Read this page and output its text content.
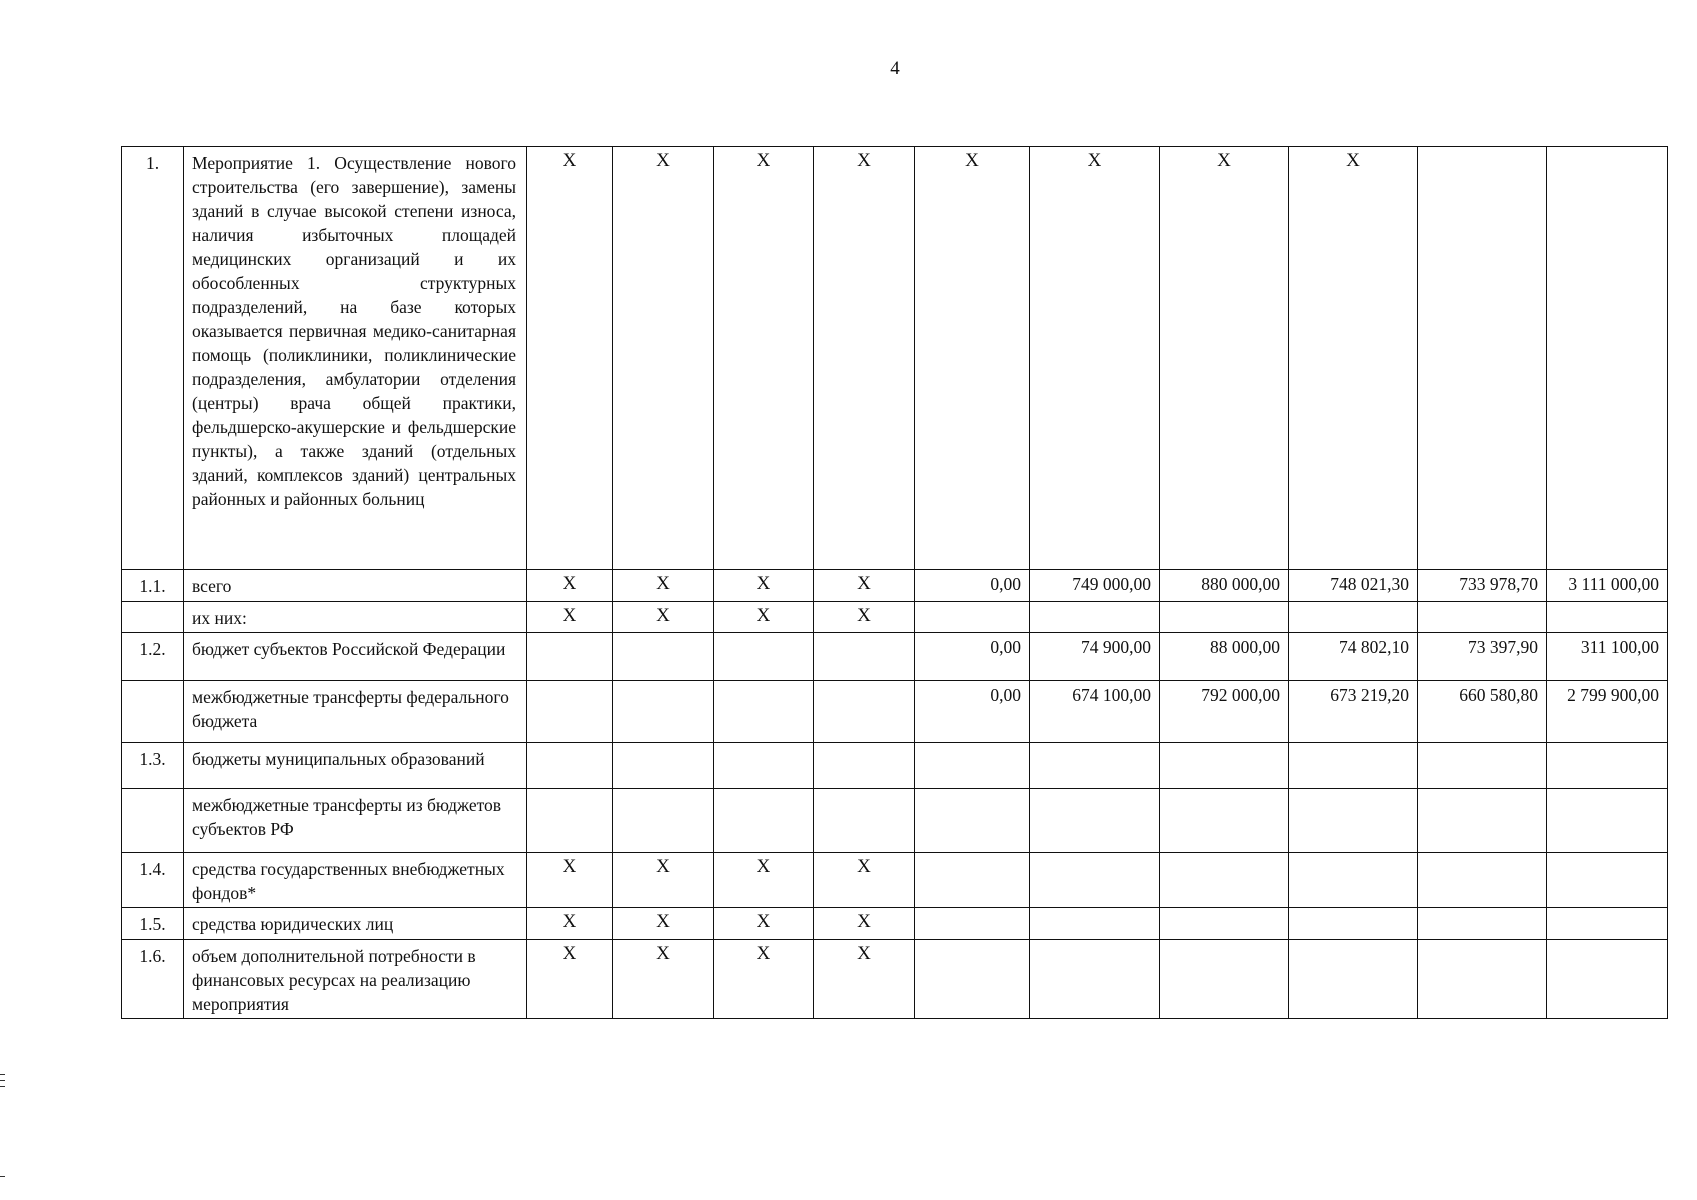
4
1.	Мероприятие 1. Осуществление нового строительства (его завершение), замены зданий в случае высокой степени износа, наличия избыточных площадей медицинских организаций и их обособленных структурных подразделений, на базе которых оказывается первичная медико-санитарная помощь (поликлиники, поликлинические подразделения, амбулатории отделения (центры) врача общей практики, фельдшерско-акушерские и фельдшерские пункты), а также зданий (отдельных зданий, комплексов зданий) центральных районных и районных больниц	X	X	X	X	X	X	X	X		
1.1.	всего	X	X	X	X	0,00	749 000,00	880 000,00	748 021,30	733 978,70	3 111 000,00
	их них:	X	X	X	X						
1.2.	бюджет субъектов Российской Федерации					0,00	74 900,00	88 000,00	74 802,10	73 397,90	311 100,00
	межбюджетные трансферты федерального бюджета					0,00	674 100,00	792 000,00	673 219,20	660 580,80	2 799 900,00
1.3.	бюджеты муниципальных образований										
	межбюджетные трансферты из бюджетов субъектов РФ										
1.4.	средства государственных внебюджетных фондов*	X	X	X	X						
1.5.	средства юридических лиц	X	X	X	X						
1.6.	объем дополнительной потребности в финансовых ресурсах на реализацию мероприятия	X	X	X	X						
